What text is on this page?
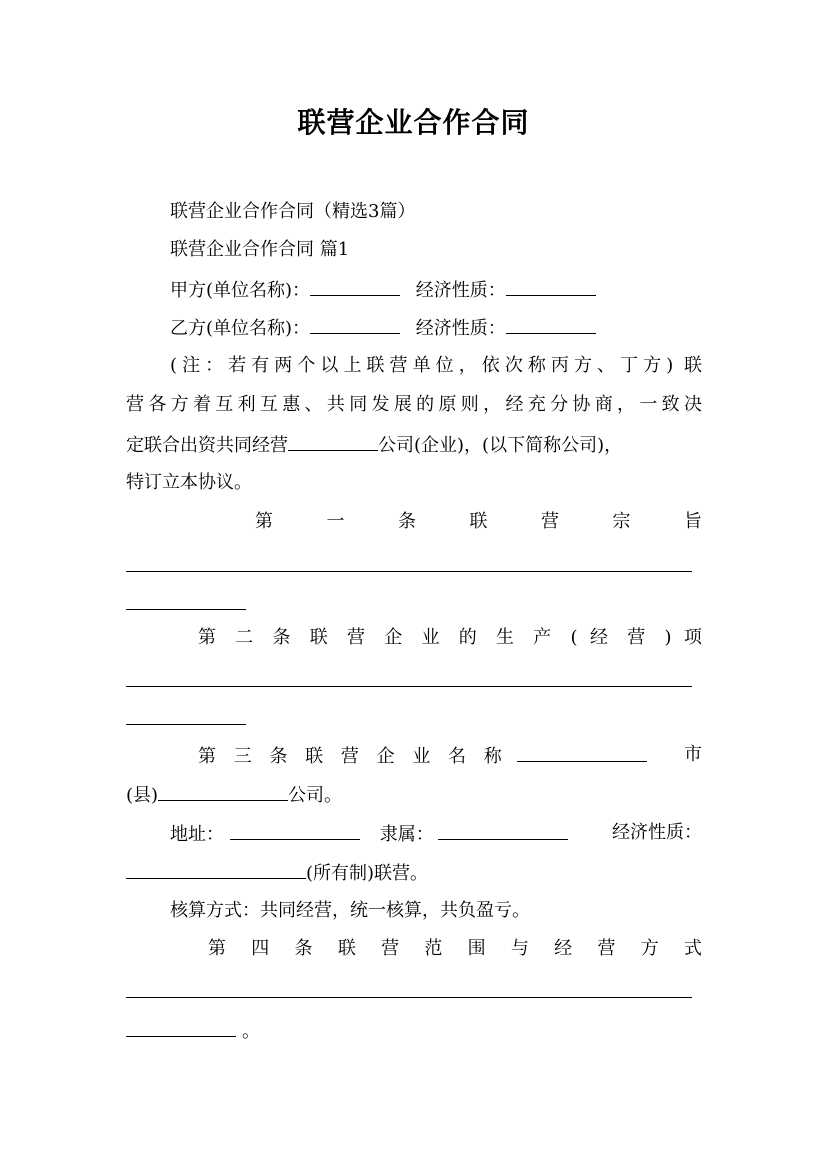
联营企业合作合同
联营企业合作合同（精选3篇）
联营企业合作合同 篇1
甲方(单位名称)：	经济性质：
乙方(单位名称)：	经济性质：
(注：若有两个以上联营单位，依次称丙方、丁方) 联
营各方着互利互惠、共同发展的原则，经充分协商，一致决
定联合出资共同经营	公司(企业)，(以下简称公司)，
特订立本协议。
第 一 条 联 营 宗 旨
第 二 条 联 营 企 业 的 生 产 ( 经 营 ) 项
第 三 条 联 营 企 业 名 称	市
(县)	公司。
地址：	隶属：	经济性质：
(所有制)联营。
核算方式：共同经营，统一核算，共负盈亏。
第 四 条 联 营 范 围 与 经 营 方 式
。
